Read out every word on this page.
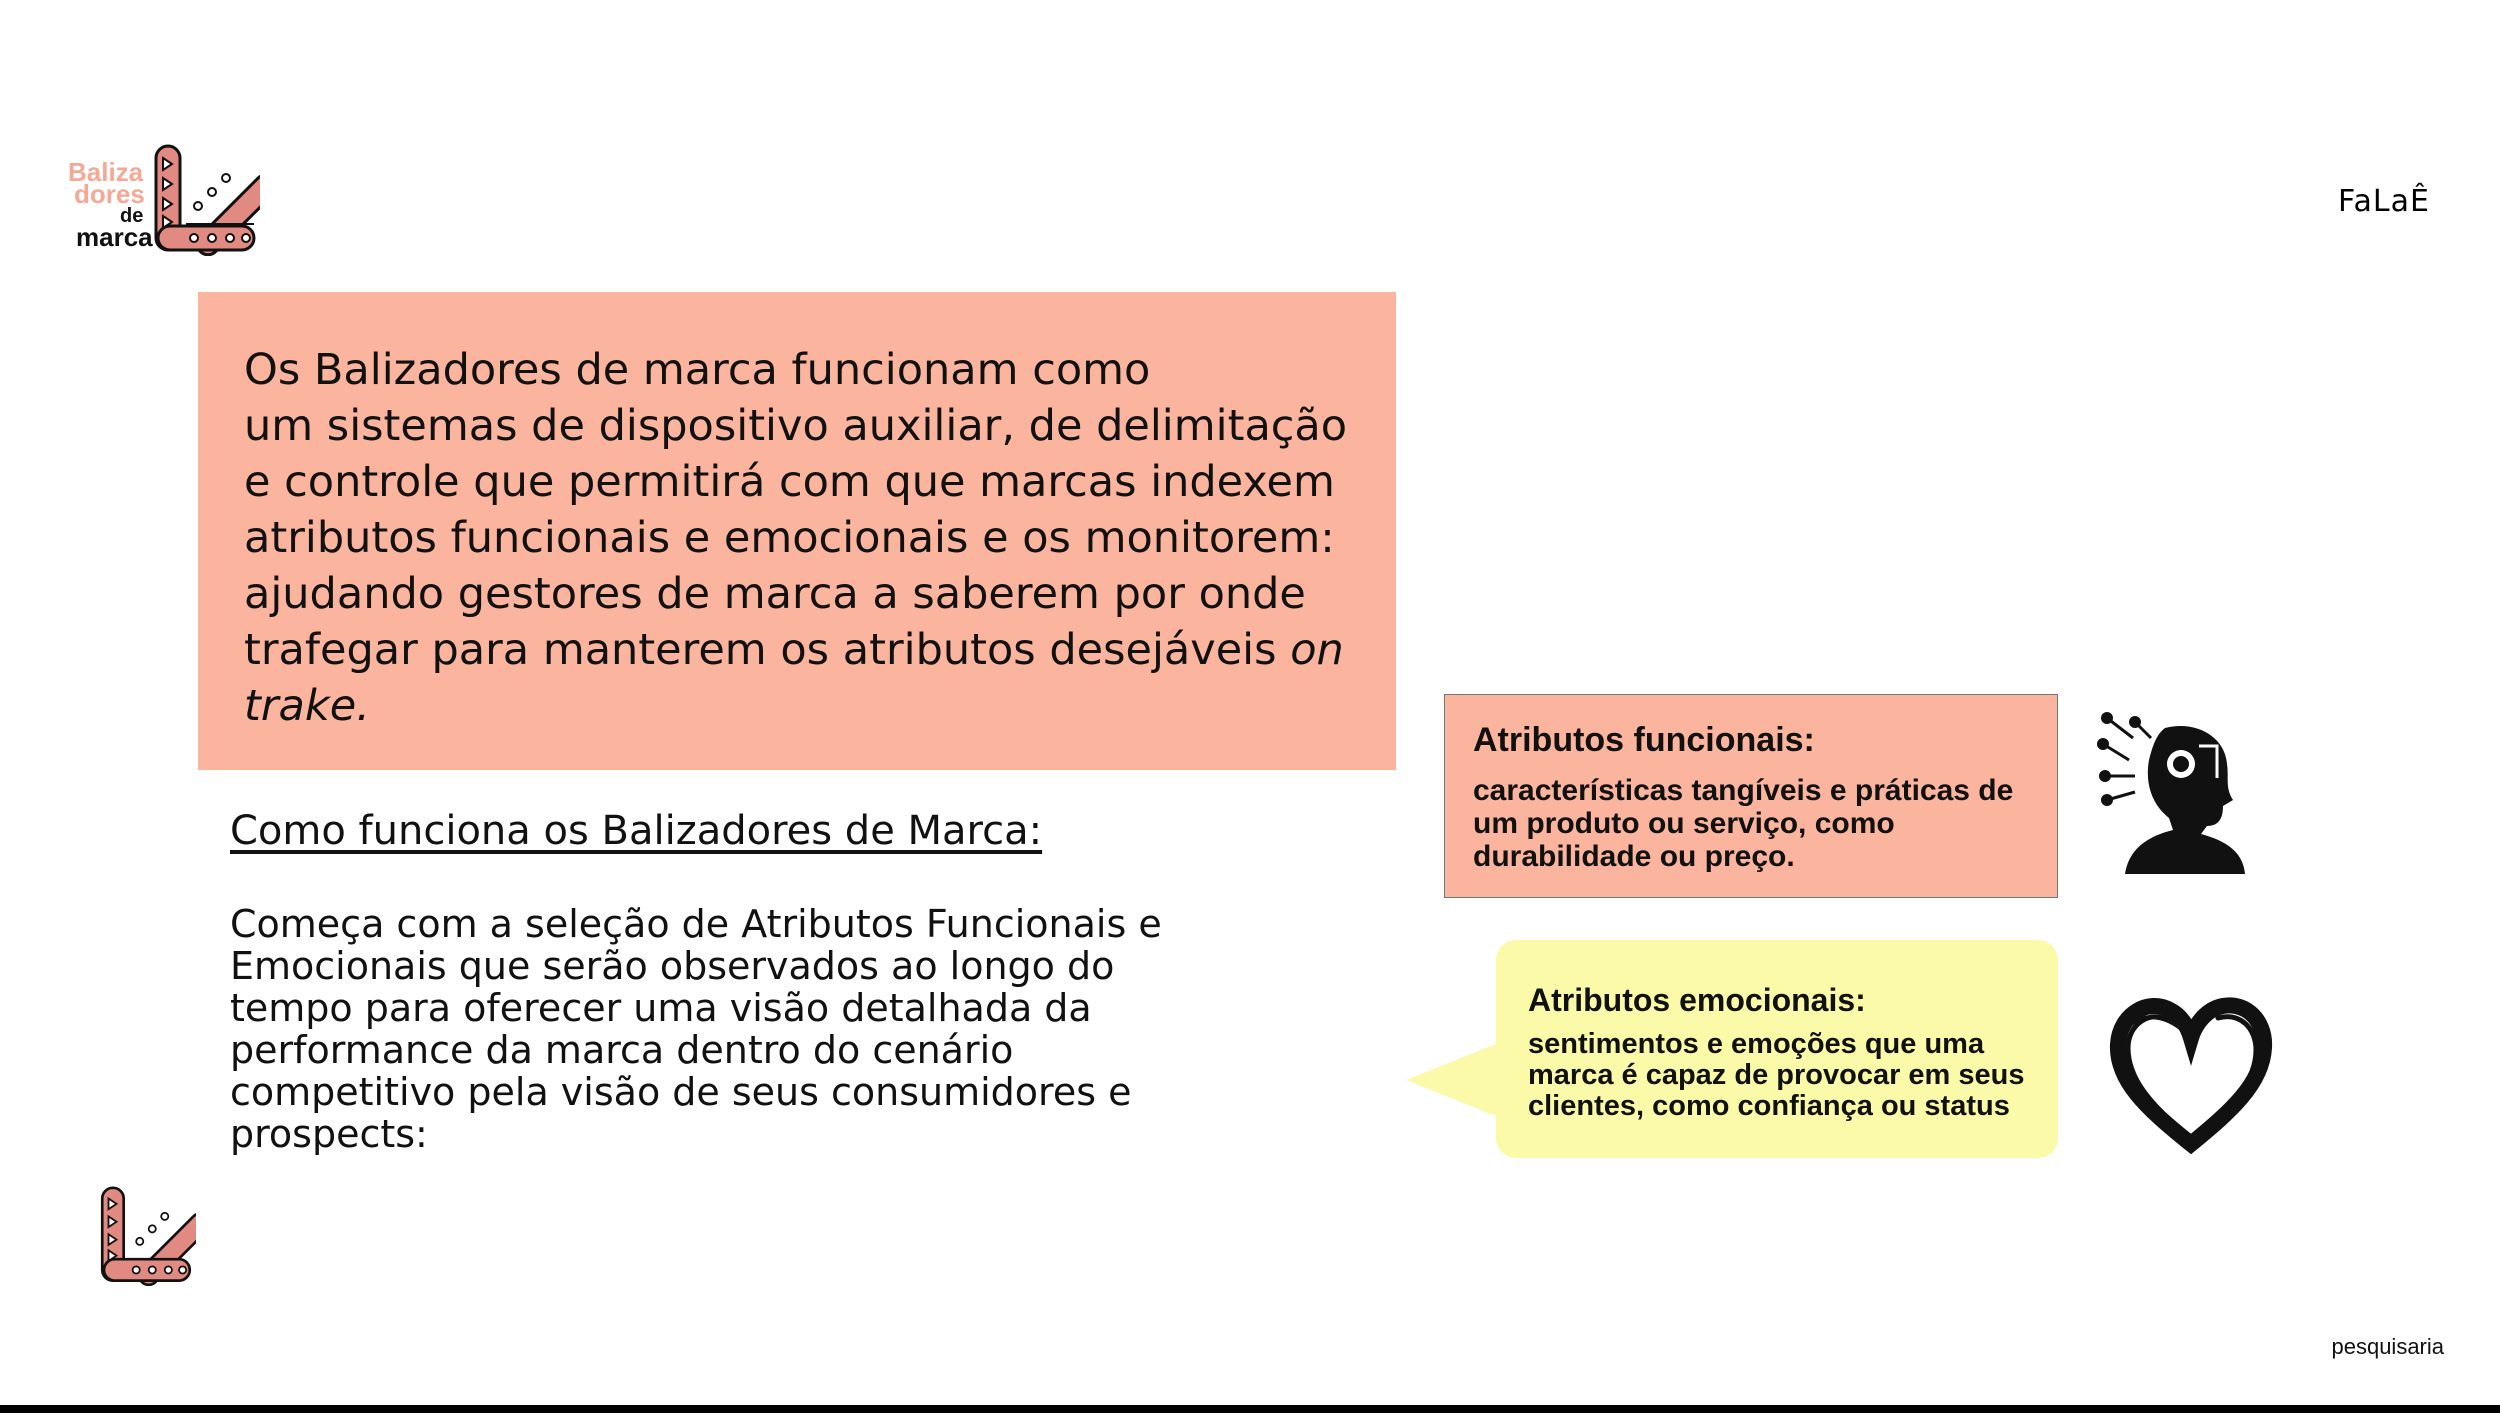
Baliza
dores
de
marca
FaLaÊ
Os Balizadores de marca funcionam como
um sistemas de dispositivo auxiliar, de delimitação
e controle que permitirá com que marcas indexem
atributos funcionais e emocionais e os monitorem:
ajudando gestores de marca a saberem por onde
trafegar para manterem os atributos desejáveis on
trake.
Como funciona os Balizadores de Marca:
Começa com a seleção de Atributos Funcionais e
Emocionais que serão observados ao longo do
tempo para oferecer uma visão detalhada da
performance da marca dentro do cenário
competitivo pela visão de seus consumidores e
prospects:
Atributos funcionais:
características tangíveis e práticas de um produto ou serviço, como durabilidade ou preço.
Atributos emocionais:
sentimentos e emoções que uma marca é capaz de provocar em seus clientes, como confiança ou status
pesquisaria
